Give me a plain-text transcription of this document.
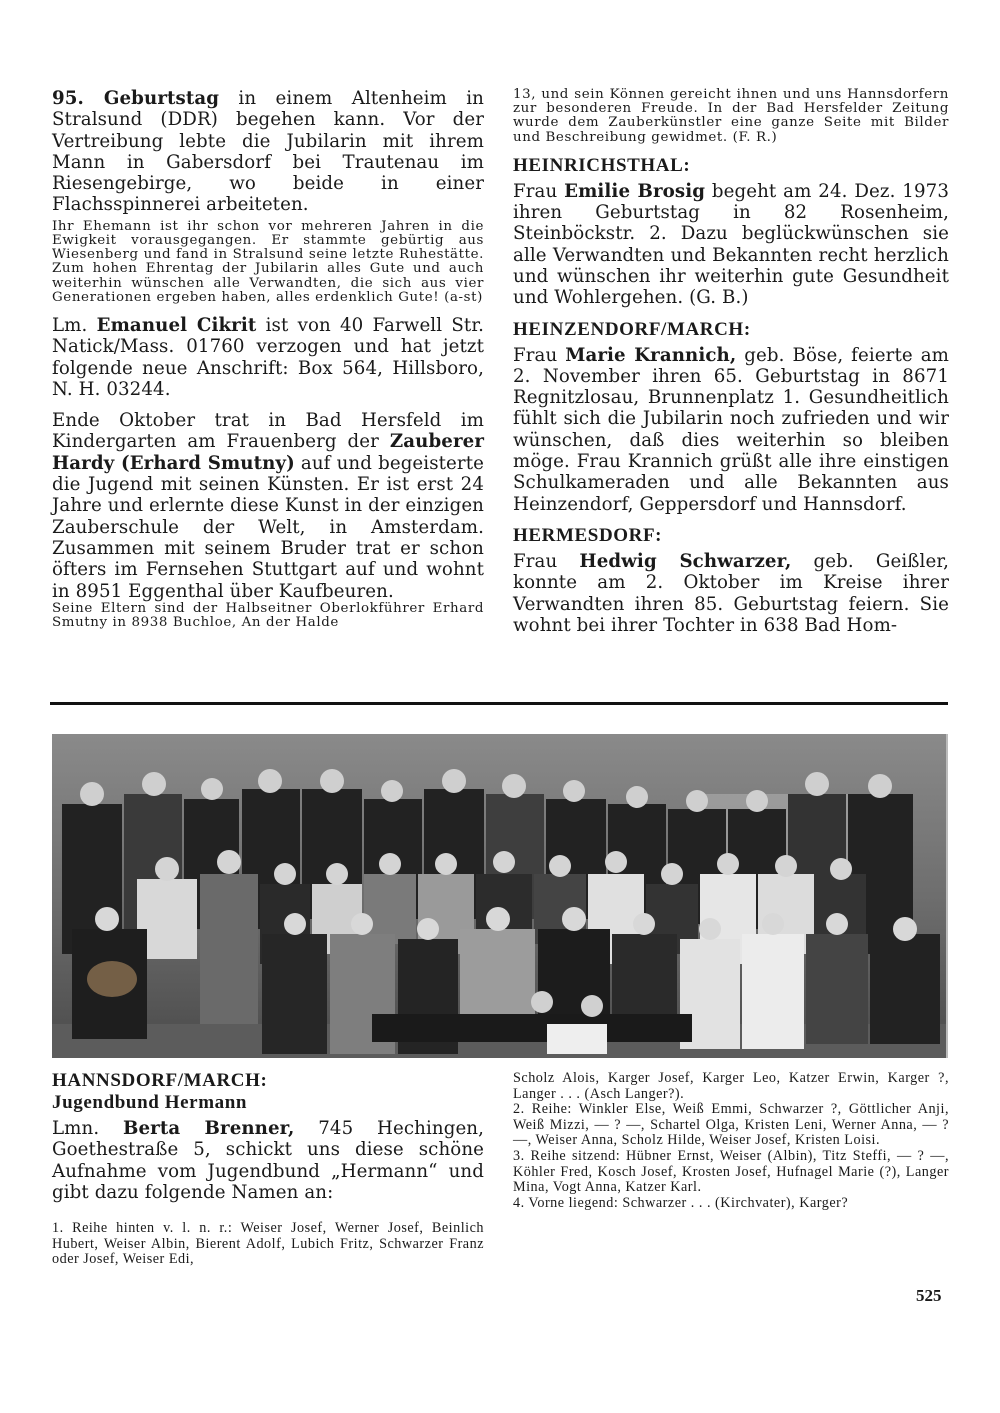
95. Geburtstag in einem Altenheim in Stralsund (DDR) begehen kann. Vor der Vertreibung lebte die Jubilarin mit ihrem Mann in Gabersdorf bei Trautenau im Riesengebirge, wo beide in einer Flachsspinnerei arbeiteten.

Ihr Ehemann ist ihr schon vor mehreren Jahren in die Ewigkeit vorausgegangen. Er stammte gebürtig aus Wiesenberg und fand in Stralsund seine letzte Ruhestätte. Zum hohen Ehrentag der Jubilarin alles Gute und auch weiterhin wünschen alle Verwandten, die sich aus vier Generationen ergeben haben, alles erdenklich Gute! (a-st)

Lm. Emanuel Cikrit ist von 40 Farwell Str. Natick/Mass. 01760 verzogen und hat jetzt folgende neue Anschrift: Box 564, Hillsboro, N. H. 03244.

Ende Oktober trat in Bad Hersfeld im Kindergarten am Frauenberg der Zauberer Hardy (Erhard Smutny) auf und begeisterte die Jugend mit seinen Künsten. Er ist erst 24 Jahre und erlernte diese Kunst in der einzigen Zauberschule der Welt, in Amsterdam. Zusammen mit seinem Bruder trat er schon öfters im Fernsehen Stuttgart auf und wohnt in 8951 Eggenthal über Kaufbeuren.

Seine Eltern sind der Halbseitner Oberlokführer Erhard Smutny in 8938 Buchloe, An der Halde

13, und sein Können gereicht ihnen und uns Hannsdorfern zur besonderen Freude. In der Bad Hersfelder Zeitung wurde dem Zauberkünstler eine ganze Seite mit Bilder und Beschreibung gewidmet. (F. R.)

HEINRICHSTHAL:

Frau Emilie Brosig begeht am 24. Dez. 1973 ihren Geburtstag in 82 Rosenheim, Steinböckstr. 2. Dazu beglückwünschen sie alle Verwandten und Bekannten recht herzlich und wünschen ihr weiterhin gute Gesundheit und Wohlergehen. (G. B.)

HEINZENDORF/MARCH:

Frau Marie Krannich, geb. Böse, feierte am 2. November ihren 65. Geburtstag in 8671 Regnitzlosau, Brunnenplatz 1. Gesundheitlich fühlt sich die Jubilarin noch zufrieden und wir wünschen, daß dies weiterhin so bleiben möge. Frau Krannich grüßt alle ihre einstigen Schulkameraden und alle Bekannten aus Heinzendorf, Geppersdorf und Hannsdorf.

HERMESDORF:

Frau Hedwig Schwarzer, geb. Geißler, konnte am 2. Oktober im Kreise ihrer Verwandten ihren 85. Geburtstag feiern. Sie wohnt bei ihrer Tochter in 638 Bad Hom-

HANNSDORF/MARCH:
Jugendbund Hermann

Lmn. Berta Brenner, 745 Hechingen, Goethestraße 5, schickt uns diese schöne Aufnahme vom Jugendbund „Hermann“ und gibt dazu folgende Namen an:

1. Reihe hinten v. l. n. r.: Weiser Josef, Werner Josef, Beinlich Hubert, Weiser Albin, Bierent Adolf, Lubich Fritz, Schwarzer Franz oder Josef, Weiser Edi,

Scholz Alois, Karger Josef, Karger Leo, Katzer Erwin, Karger ?, Langer . . . (Asch Langer?).

2. Reihe: Winkler Else, Weiß Emmi, Schwarzer ?, Göttlicher Anji, Weiß Mizzi, — ? —, Schartel Olga, Kristen Leni, Werner Anna, — ? —, Weiser Anna, Scholz Hilde, Weiser Josef, Kristen Loisi.

3. Reihe sitzend: Hübner Ernst, Weiser (Albin), Titz Steffi, — ? —, Köhler Fred, Kosch Josef, Krosten Josef, Hufnagel Marie (?), Langer Mina, Vogt Anna, Katzer Karl.

4. Vorne liegend: Schwarzer . . . (Kirchvater), Karger?

525
